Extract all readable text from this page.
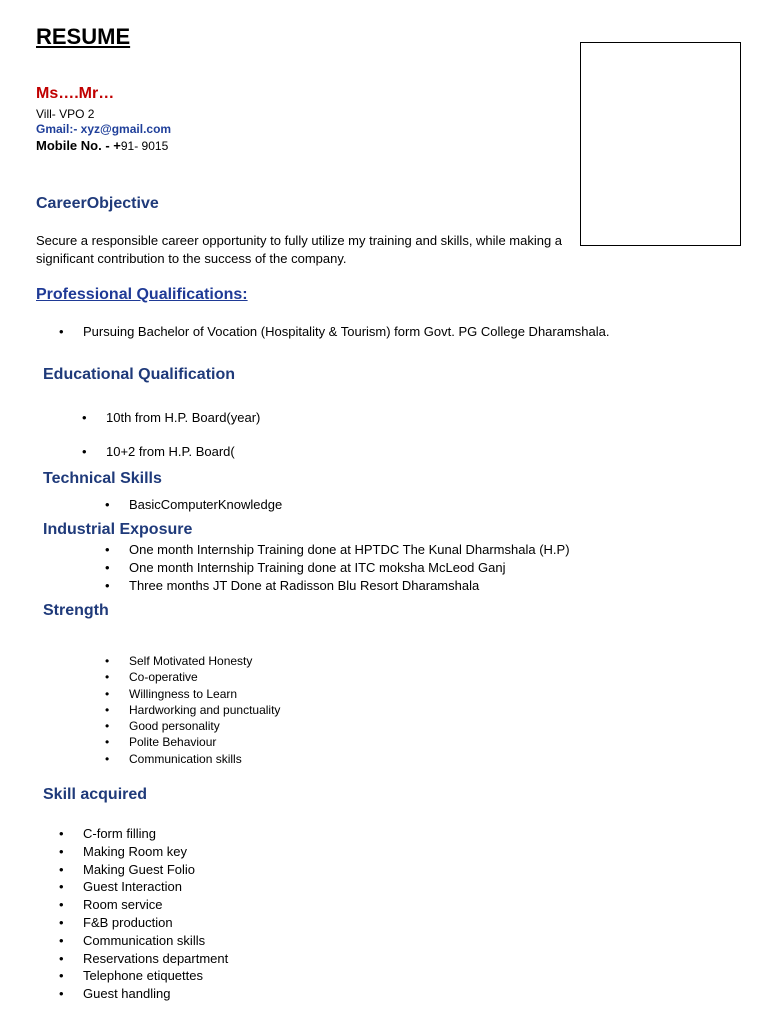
RESUME
Ms….Mr…
Vill- VPO 2
Gmail:- xyz@gmail.com
Mobile No. - +91- 9015
CareerObjective
Secure a responsible career opportunity to fully utilize my training and skills, while making a significant contribution to the success of the company.
Professional Qualifications:
• Pursuing Bachelor of Vocation (Hospitality & Tourism) form Govt. PG College Dharamshala.
Educational Qualification
• 10th from H.P. Board(year)
• 10+2 from H.P. Board(
Technical Skills
• BasicComputerKnowledge
Industrial Exposure
• One month Internship Training done at HPTDC The Kunal Dharmshala (H.P)
• One month Internship Training done at ITC moksha McLeod Ganj
• Three months JT Done at Radisson Blu Resort Dharamshala
Strength
• Self Motivated Honesty
• Co-operative
• Willingness to Learn
• Hardworking and punctuality
• Good personality
• Polite Behaviour
• Communication skills
Skill acquired
• C-form filling
• Making Room key
• Making Guest Folio
• Guest Interaction
• Room service
• F&B production
• Communication skills
• Reservations department
• Telephone etiquettes
• Guest handling
